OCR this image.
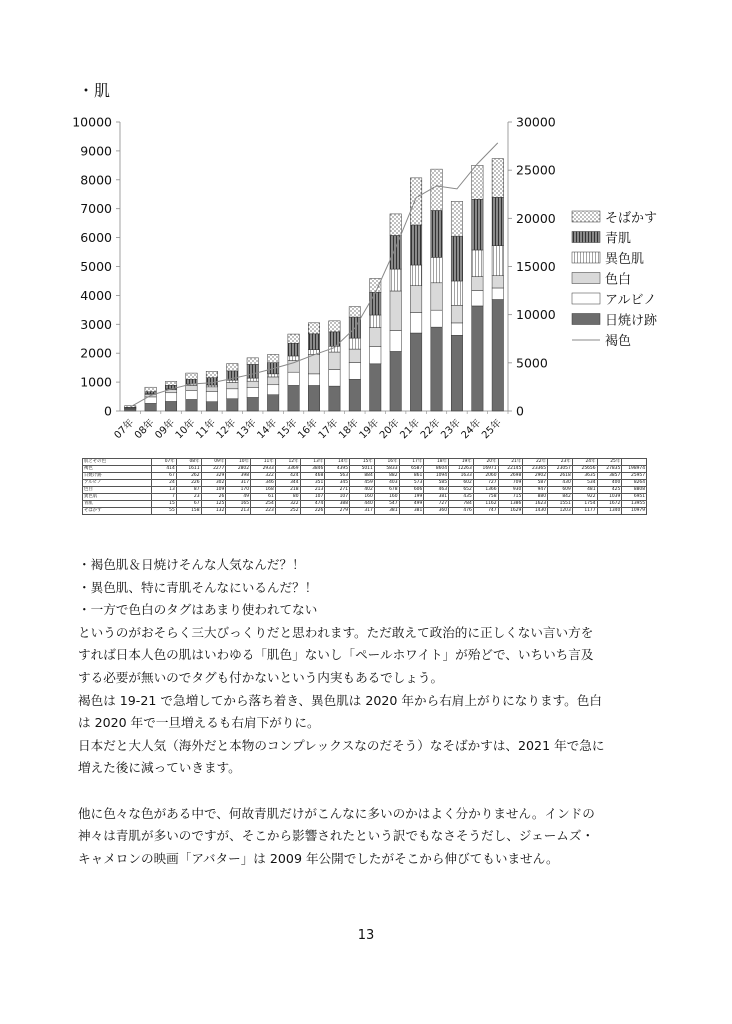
・肌
0
1000
2000
3000
4000
5000
6000
7000
8000
9000
10000
0
5000
10000
15000
20000
25000
30000
07年
08年
09年
10年
11年
12年
13年
14年
15年
16年
17年
18年
19年
20年
21年
22年
23年
24年
25年
そばかす
青肌
異色肌
色白
アルビノ
日焼け跡
褐色
肌とその色	07年	08年	09年	10年	11年	12年	13年	14年	15年	16年	17年	18年	19年	20年	21年	22年	23年	24年	25年	
褐色	414	1611	2277	2802	2933	3369	3846	4395	5011	5833	6587	8604	12263	16971	22145	23365	23057	25656	27835	198974
日焼け跡	67	262	329	398	322	424	468	563	884	882	861	1094	1633	2060	2698	2902	2618	3635	3857	25957
アルビノ	24	226	302	317	346	344	351	345	459	403	573	585	602	727	709	587	430	534	400	8264
色白	13	87	109	170	168	218	213	271	402	678	606	463	652	1366	930	947	609	481	425	8808
異色肌	7	23	26	49	61	80	107	107	160	160	199	381	435	758	715	880	842	922	1039	6951
青肌	15	67	125	165	254	322	474	388	440	547	499	727	784	1162	1386	1623	1551	1754	1672	13955
そばかす	55	158	132	213	223	252	226	279	317	381	381	360	476	747	1629	1430	1203	1177	1340	10979

・褐色肌＆日焼けそんな人気なんだ？！

・異色肌、特に青肌そんなにいるんだ？！

・一方で色白のタグはあまり使われてない

というのがおそらく三大びっくりだと思われます。ただ敢えて政治的に正しくない言い方を

すれば日本人色の肌はいわゆる「肌色」ないし「ペールホワイト」が殆どで、いちいち言及

する必要が無いのでタグも付かないという内実もあるでしょう。

褐色は 19-21 で急増してから落ち着き、異色肌は 2020 年から右肩上がりになります。色白

は 2020 年で一旦増えるも右肩下がりに。

日本だと大人気（海外だと本物のコンプレックスなのだそう）なそばかすは、2021 年で急に

増えた後に減っていきます。

他に色々な色がある中で、何故青肌だけがこんなに多いのかはよく分かりません。インドの

神々は青肌が多いのですが、そこから影響されたという訳でもなさそうだし、ジェームズ・

キャメロンの映画「アバター」は 2009 年公開でしたがそこから伸びてもいません。

13
